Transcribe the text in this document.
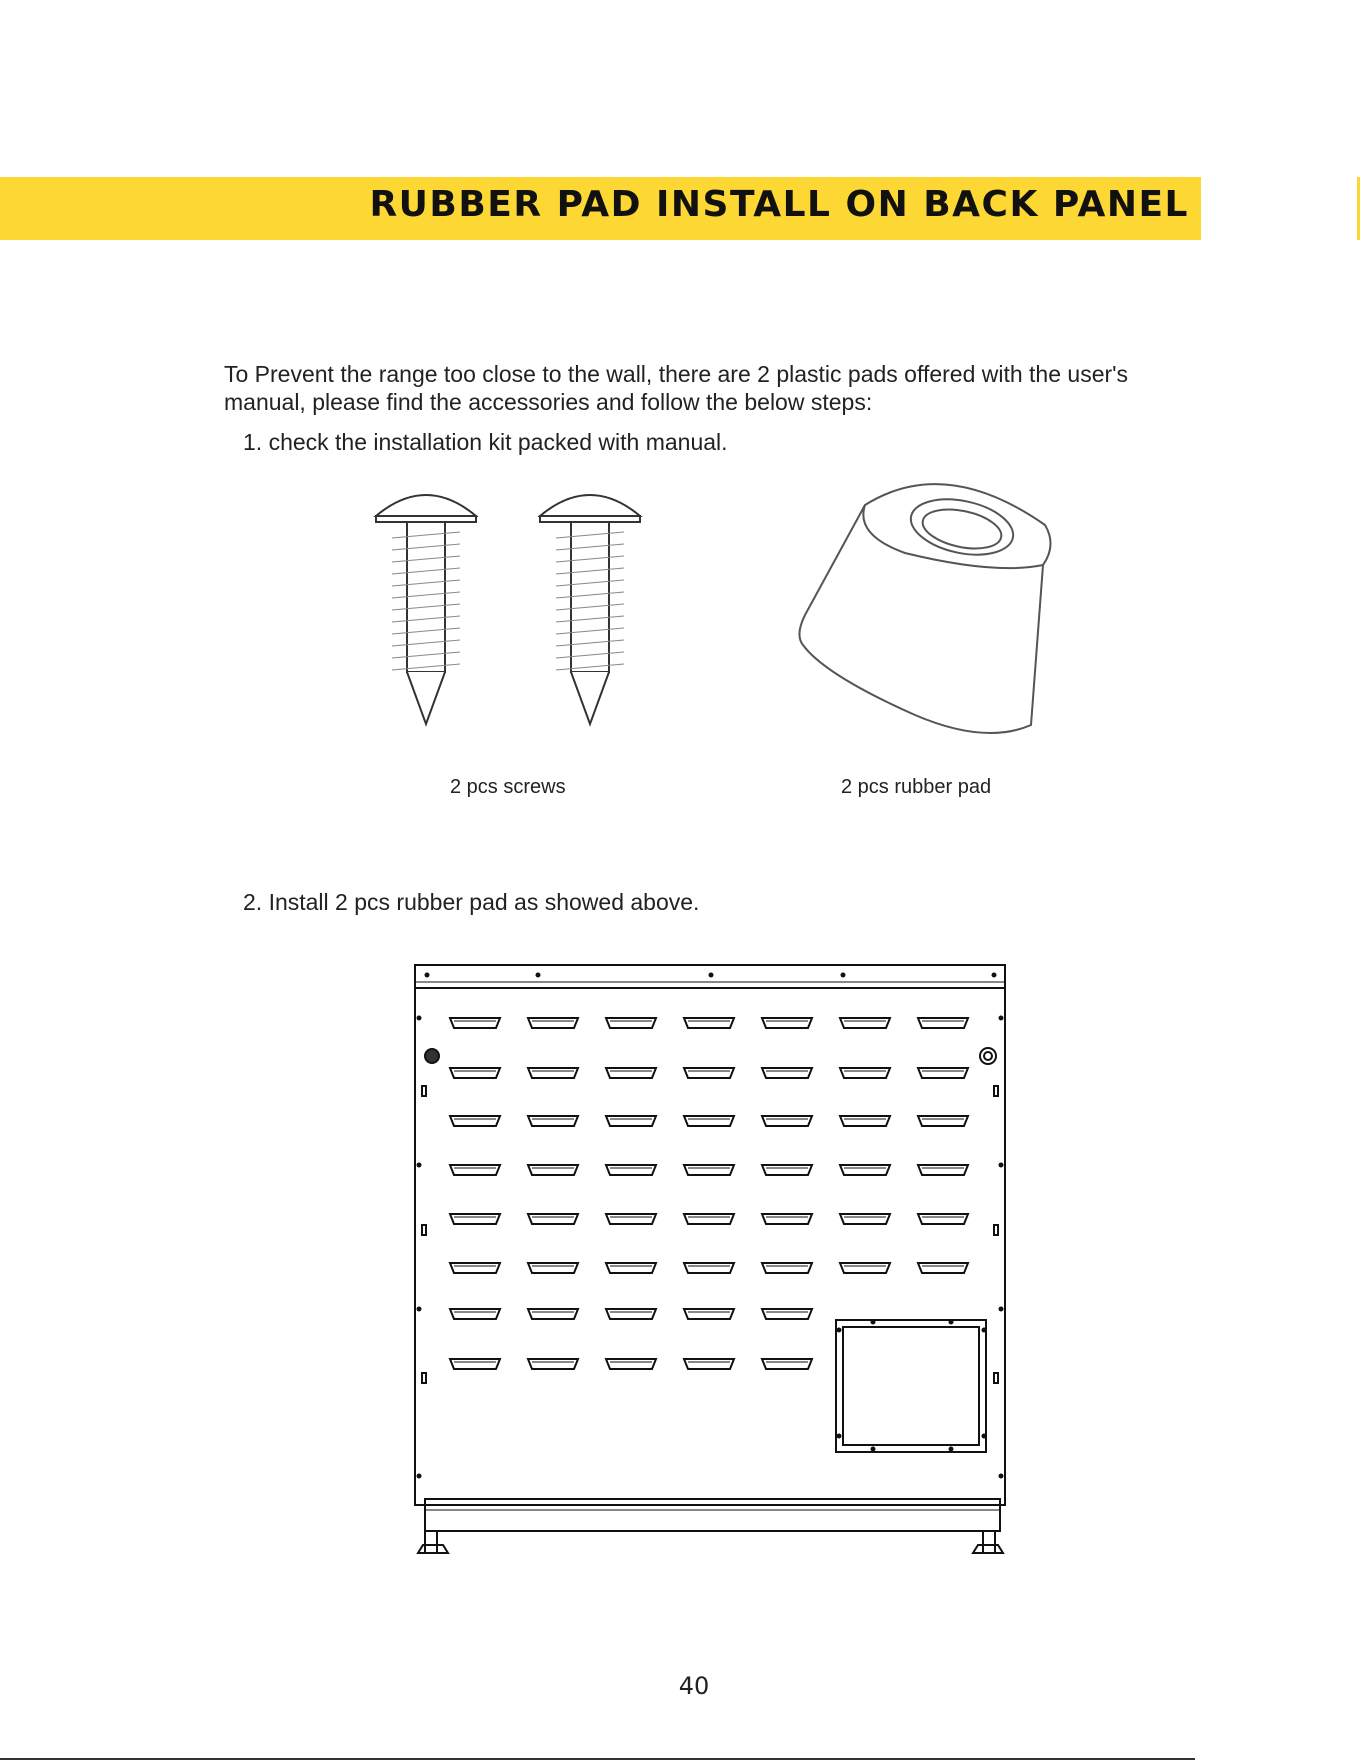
RUBBER PAD INSTALL ON BACK PANEL

To Prevent the range too close to the wall, there are 2 plastic pads offered with the user's manual, please find the accessories and follow the below steps:

1. check the installation kit packed with manual.

2 pcs screws	2 pcs rubber pad

2. Install 2 pcs rubber pad as showed above.

40
